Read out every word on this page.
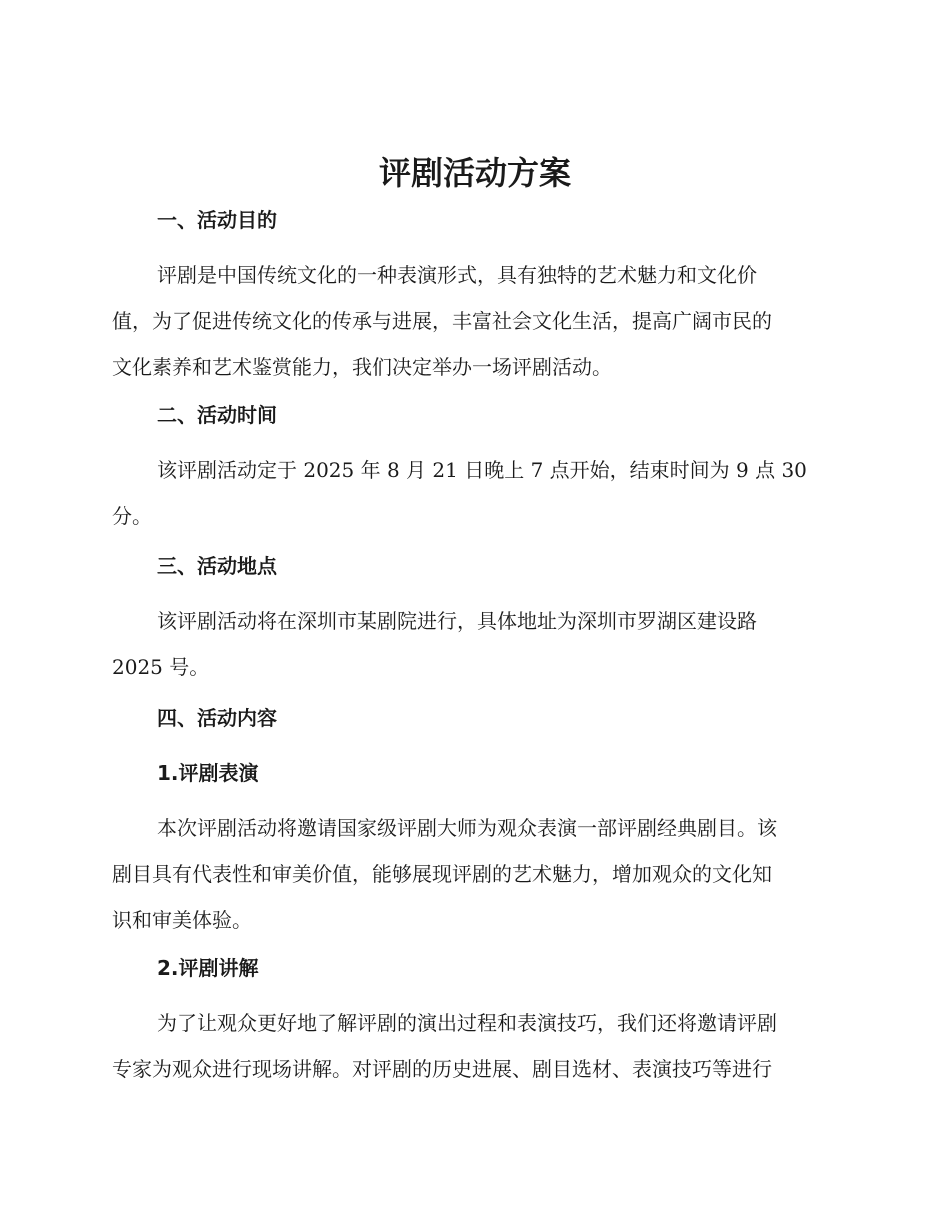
评剧活动方案
一、活动目的
评剧是中国传统文化的一种表演形式，具有独特的艺术魅力和文化价
值，为了促进传统文化的传承与进展，丰富社会文化生活，提高广阔市民的
文化素养和艺术鉴赏能力，我们决定举办一场评剧活动。
二、活动时间
该评剧活动定于 2025 年 8 月 21 日晚上 7 点开始，结束时间为 9 点 30
分。
三、活动地点
该评剧活动将在深圳市某剧院进行，具体地址为深圳市罗湖区建设路
2025 号。
四、活动内容
1.评剧表演
本次评剧活动将邀请国家级评剧大师为观众表演一部评剧经典剧目。该
剧目具有代表性和审美价值，能够展现评剧的艺术魅力，增加观众的文化知
识和审美体验。
2.评剧讲解
为了让观众更好地了解评剧的演出过程和表演技巧，我们还将邀请评剧
专家为观众进行现场讲解。对评剧的历史进展、剧目选材、表演技巧等进行
